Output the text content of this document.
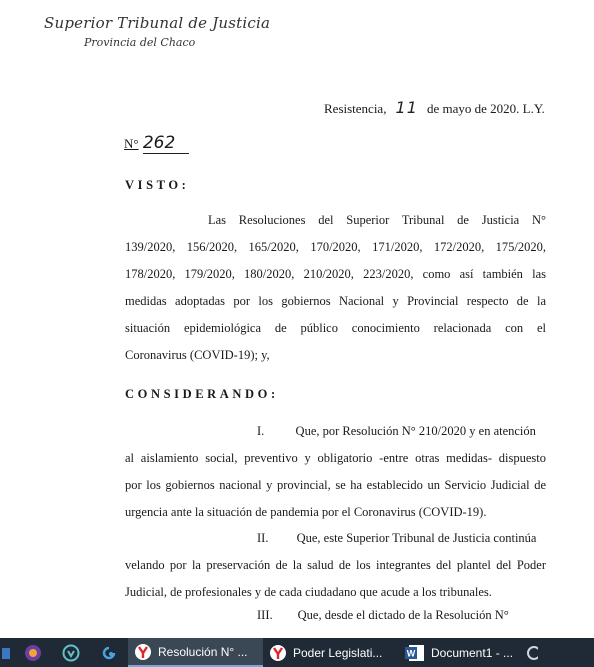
Superior Tribunal de Justicia
Provincia del Chaco
Resistencia, 11 de mayo de 2020. L.Y.
N° 262
VISTO:
Las Resoluciones del Superior Tribunal de Justicia N°
139/2020, 156/2020, 165/2020, 170/2020, 171/2020, 172/2020, 175/2020,
178/2020, 179/2020, 180/2020, 210/2020, 223/2020, como así también las
medidas adoptadas por los gobiernos Nacional y Provincial respecto de la
situación epidemiológica de público conocimiento relacionada con el
Coronavirus (COVID-19); y,
CONSIDERANDO:
I.          Que, por Resolución N° 210/2020 y en atención
al aislamiento social, preventivo y obligatorio -entre otras medidas- dispuesto
por los gobiernos nacional y provincial, se ha establecido un Servicio Judicial de
urgencia ante la situación de pandemia por el Coronavirus (COVID-19).
II.         Que, este Superior Tribunal de Justicia continúa
velando por la preservación de la salud de los integrantes del plantel del Poder
Judicial, de profesionales y de cada ciudadano que acude a los tribunales.
III.        Que, desde el dictado de la Resolución N°
Resolución N° ...	Poder Legislati...	W Document1 - ...
